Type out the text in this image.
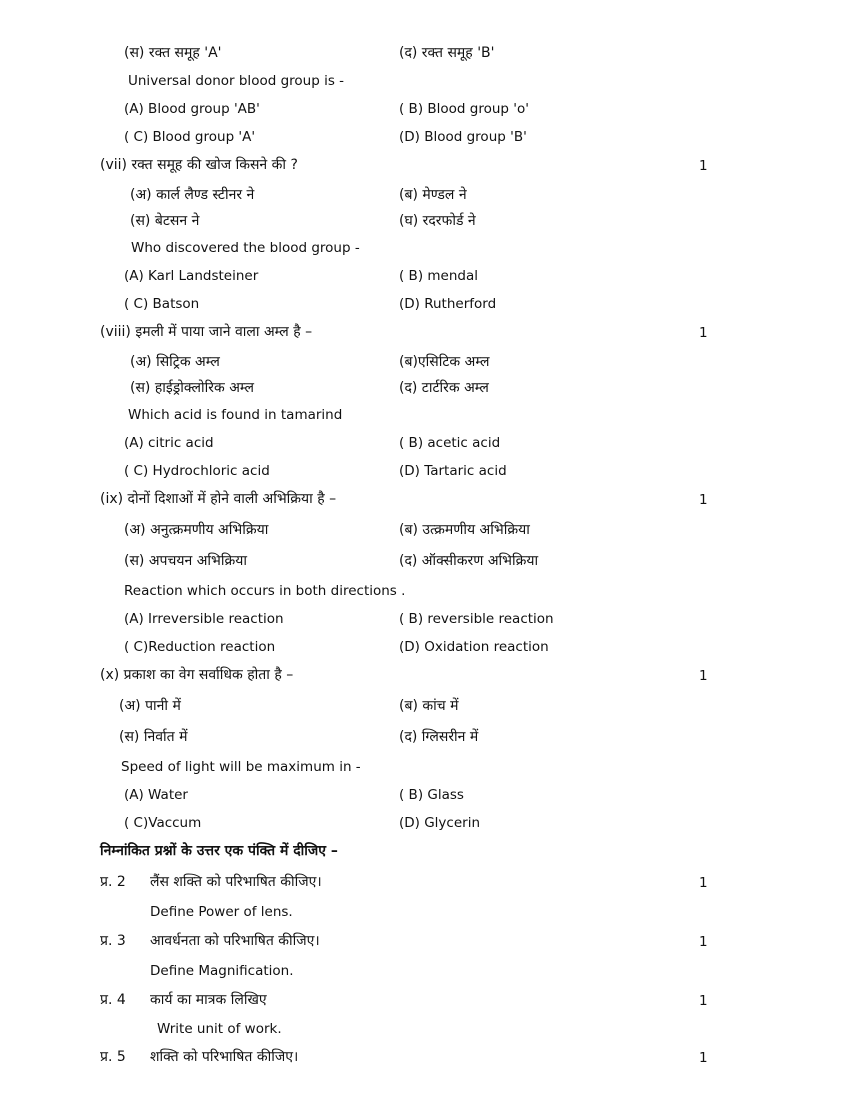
(स) रक्त समूह 'A'	(द) रक्त समूह 'B'
Universal donor blood group is -
(A) Blood group 'AB'	( B) Blood group 'o'
( C) Blood group 'A'	(D) Blood group 'B'
(vii) रक्त समूह की खोज किसने की ?	1
(अ) कार्ल लैण्ड स्टीनर ने	(ब) मेण्डल ने
(स) बेटसन ने	(घ) रदरफोर्ड ने
Who discovered the blood group -
(A) Karl Landsteiner	( B) mendal
( C) Batson	(D) Rutherford
(viii) इमली में पाया जाने वाला अम्ल है –	1
(अ) सिट्रिक अम्ल	(ब)एसिटिक अम्ल
(स) हाईड्रोक्लोरिक अम्ल	(द) टार्टरिक अम्ल
Which acid is found in tamarind
(A) citric acid	( B) acetic acid
( C) Hydrochloric acid	(D) Tartaric acid
(ix) दोनों दिशाओं में होने वाली अभिक्रिया है –	1
(अ) अनुत्क्रमणीय अभिक्रिया	(ब) उत्क्रमणीय अभिक्रिया
(स) अपचयन अभिक्रिया	(द) ऑक्सीकरण अभिक्रिया
Reaction which occurs in both directions .
(A) Irreversible reaction	( B) reversible reaction
( C)Reduction reaction	(D) Oxidation reaction
(x) प्रकाश का वेग सर्वाधिक होता है –	1
(अ) पानी में	(ब) कांच में
(स) निर्वात में	(द) ग्लिसरीन में
Speed of light will be maximum in -
(A) Water	( B) Glass
( C)Vaccum	(D) Glycerin
निम्नांकित प्रश्नों के उत्तर एक पंक्ति में दीजिए –
प्र. 2 लैंस शक्ति को परिभाषित कीजिए।	1
Define Power of lens.
प्र. 3 आवर्धनता को परिभाषित कीजिए।	1
Define Magnification.
प्र. 4 कार्य का मात्रक लिखिए	1
Write unit of work.
प्र. 5 शक्ति को परिभाषित कीजिए।	1
